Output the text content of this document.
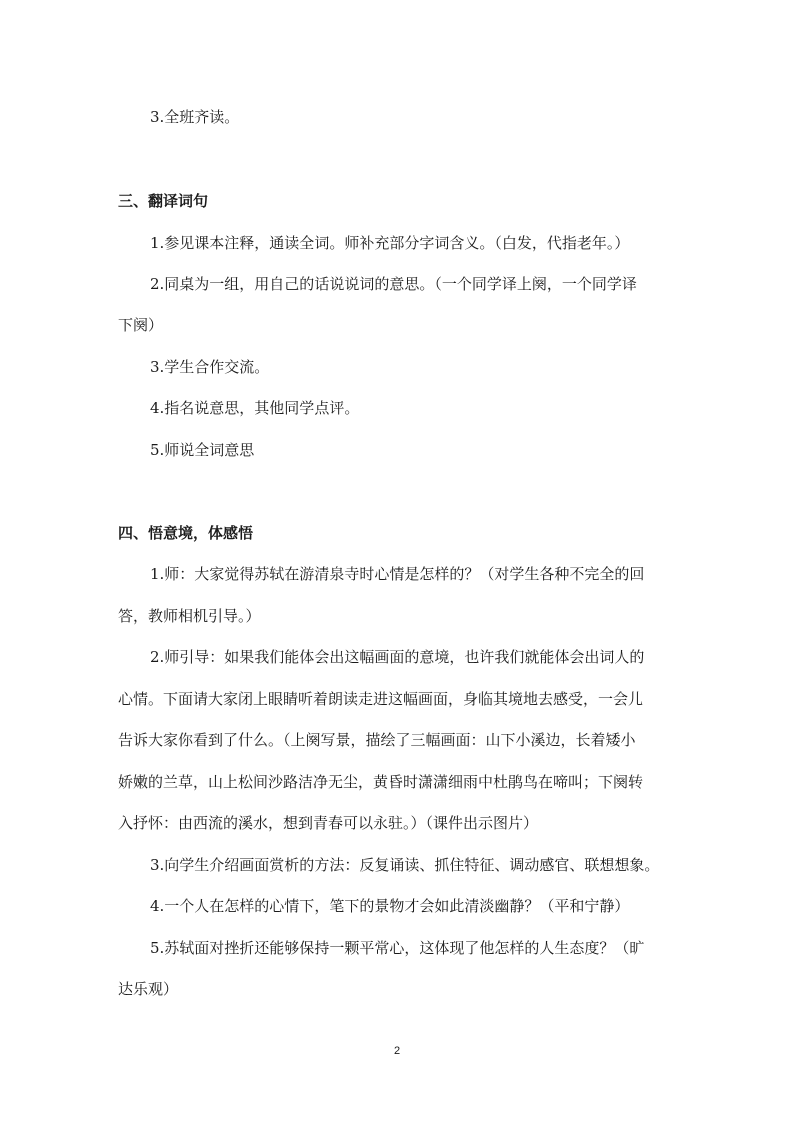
3.全班齐读。
三、翻译词句
1.参见课本注释，通读全词。师补充部分字词含义。（白发，代指老年。）
2.同桌为一组，用自己的话说说词的意思。（一个同学译上阕，一个同学译
下阕）
3.学生合作交流。
4.指名说意思，其他同学点评。
5.师说全词意思
四、悟意境，体感悟
1.师：大家觉得苏轼在游清泉寺时心情是怎样的？（对学生各种不完全的回
答，教师相机引导。）
2.师引导：如果我们能体会出这幅画面的意境，也许我们就能体会出词人的
心情。下面请大家闭上眼睛听着朗读走进这幅画面，身临其境地去感受，一会儿
告诉大家你看到了什么。（上阕写景，描绘了三幅画面：山下小溪边，长着矮小
娇嫩的兰草，山上松间沙路洁净无尘，黄昏时潇潇细雨中杜鹃鸟在啼叫；下阕转
入抒怀：由西流的溪水，想到青春可以永驻。）（课件出示图片）
3.向学生介绍画面赏析的方法：反复诵读、抓住特征、调动感官、联想想象。
4.一个人在怎样的心情下，笔下的景物才会如此清淡幽静？（平和宁静）
5.苏轼面对挫折还能够保持一颗平常心，这体现了他怎样的人生态度？（旷
达乐观）
2
